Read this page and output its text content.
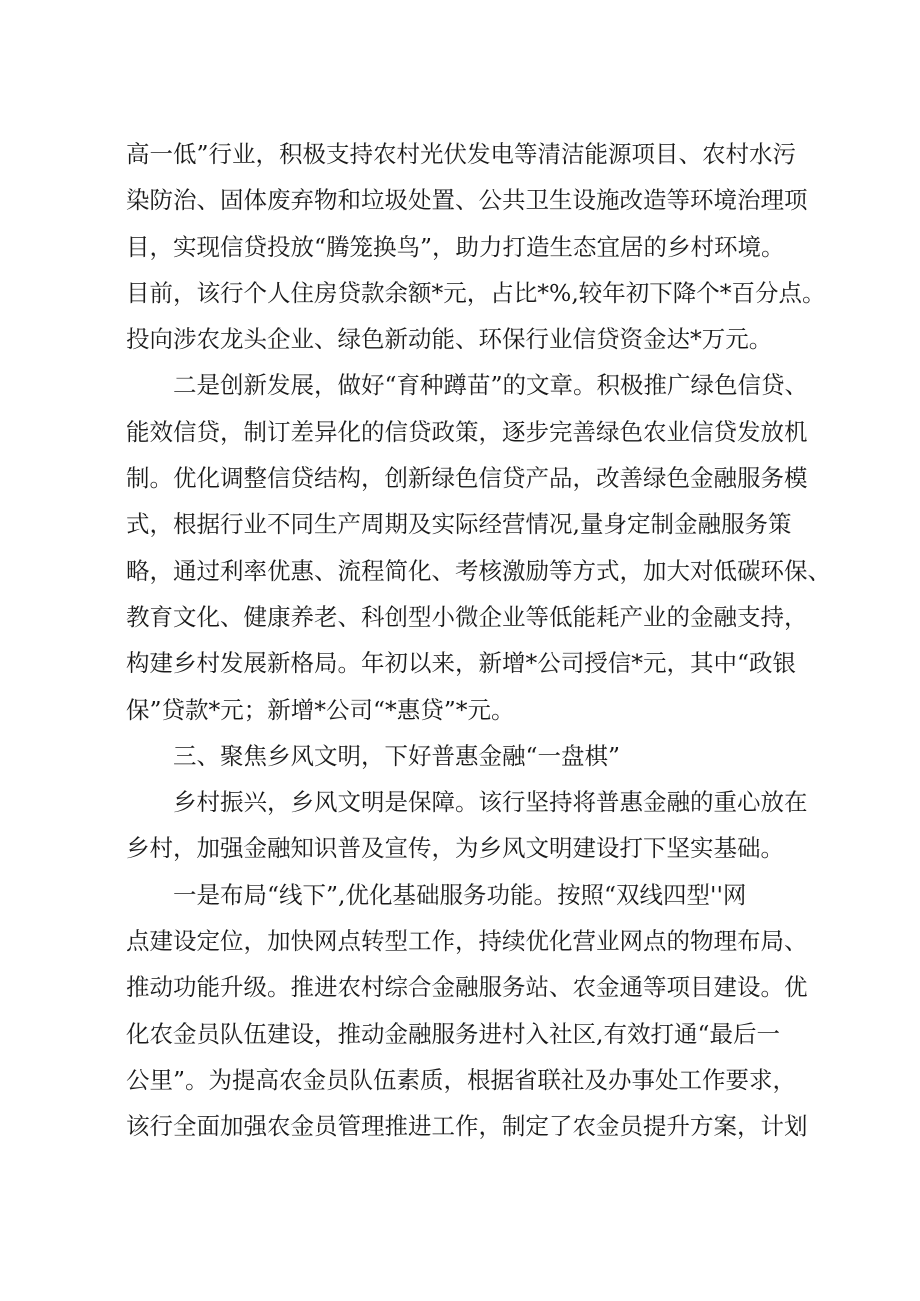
高一低”行业，积极支持农村光伏发电等清洁能源项目、农村水污
染防治、固体废弃物和垃圾处置、公共卫生设施改造等环境治理项
目，实现信贷投放“腾笼换鸟”，助力打造生态宜居的乡村环境。
目前，该行个人住房贷款余额*元，占比*%,较年初下降个*百分点。
投向涉农龙头企业、绿色新动能、环保行业信贷资金达*万元。

二是创新发展，做好“育种蹲苗”的文章。积极推广绿色信贷、
能效信贷，制订差异化的信贷政策，逐步完善绿色农业信贷发放机
制。优化调整信贷结构，创新绿色信贷产品，改善绿色金融服务模
式，根据行业不同生产周期及实际经营情况,量身定制金融服务策
略，通过利率优惠、流程简化、考核激励等方式，加大对低碳环保、
教育文化、健康养老、科创型小微企业等低能耗产业的金融支持，
构建乡村发展新格局。年初以来，新增*公司授信*元，其中“政银
保”贷款*元；新增*公司“*惠贷”*元。

三、聚焦乡风文明，下好普惠金融“一盘棋”

乡村振兴，乡风文明是保障。该行坚持将普惠金融的重心放在
乡村，加强金融知识普及宣传，为乡风文明建设打下坚实基础。

一是布局“线下”,优化基础服务功能。按照“双线四型''网
点建设定位，加快网点转型工作，持续优化营业网点的物理布局、
推动功能升级。推进农村综合金融服务站、农金通等项目建设。优
化农金员队伍建设，推动金融服务进村入社区,有效打通“最后一
公里”。为提高农金员队伍素质，根据省联社及办事处工作要求，
该行全面加强农金员管理推进工作，制定了农金员提升方案，计划
